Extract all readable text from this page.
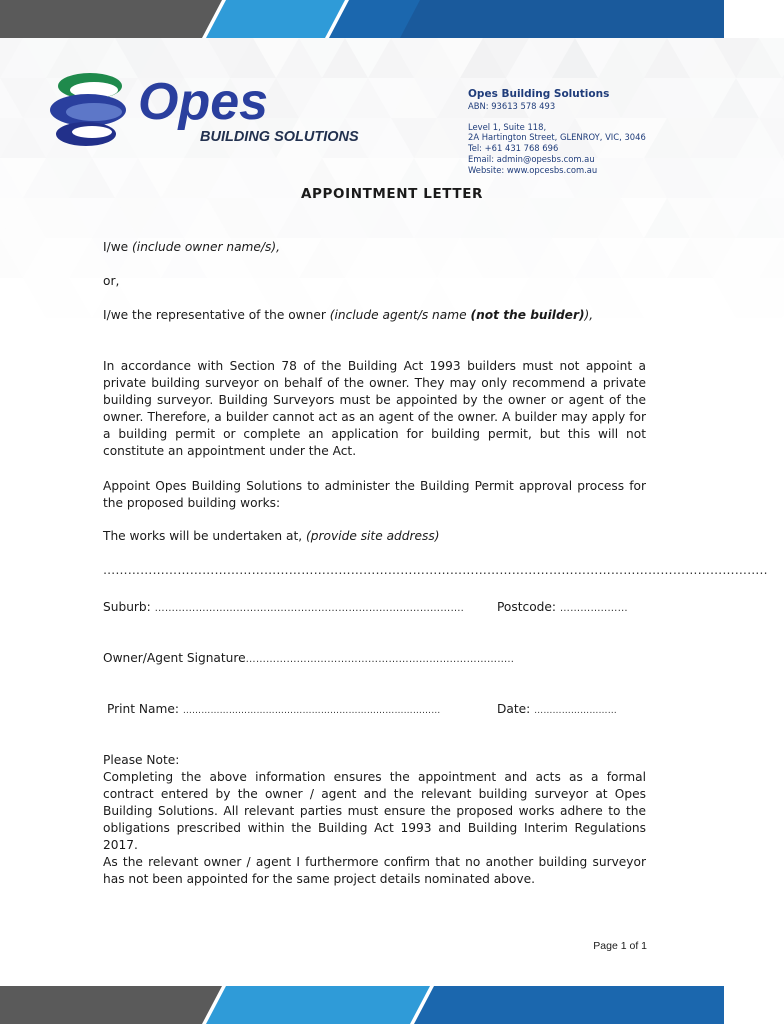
Opes
BUILDING SOLUTIONS
Opes Building Solutions
ABN: 93613 578 493
Level 1, Suite 118,
2A Hartington Street, GLENROY, VIC, 3046
Tel: +61 431 768 696
Email: admin@opesbs.com.au
Website: www.opcesbs.com.au
APPOINTMENT LETTER
I/we (include owner name/s),
or,
I/we the representative of the owner (include agent/s name (not the builder)),
In accordance with Section 78 of the Building Act 1993 builders must not appoint a private building surveyor on behalf of the owner. They may only recommend a private building surveyor. Building Surveyors must be appointed by the owner or agent of the owner. Therefore, a builder cannot act as an agent of the owner. A builder may apply for a building permit or complete an application for building permit, but this will not constitute an appointment under the Act.
Appoint Opes Building Solutions to administer the Building Permit approval process for the proposed building works:
The works will be undertaken at, (provide site address)
……………………………………………………………………………………………………………………………………………..
Suburb: ……………………………………………………………………………….	Postcode: …………..……
Owner/Agent Signature……………………………………………………..……………..
Print Name: …………………………………………………………………………	Date: ………………………
Please Note:
Completing the above information ensures the appointment and acts as a formal contract entered by the owner / agent and the relevant building surveyor at Opes Building Solutions. All relevant parties must ensure the proposed works adhere to the obligations prescribed within the Building Act 1993 and Building Interim Regulations 2017.
As the relevant owner / agent I furthermore confirm that no another building surveyor has not been appointed for the same project details nominated above.
Page 1 of 1
